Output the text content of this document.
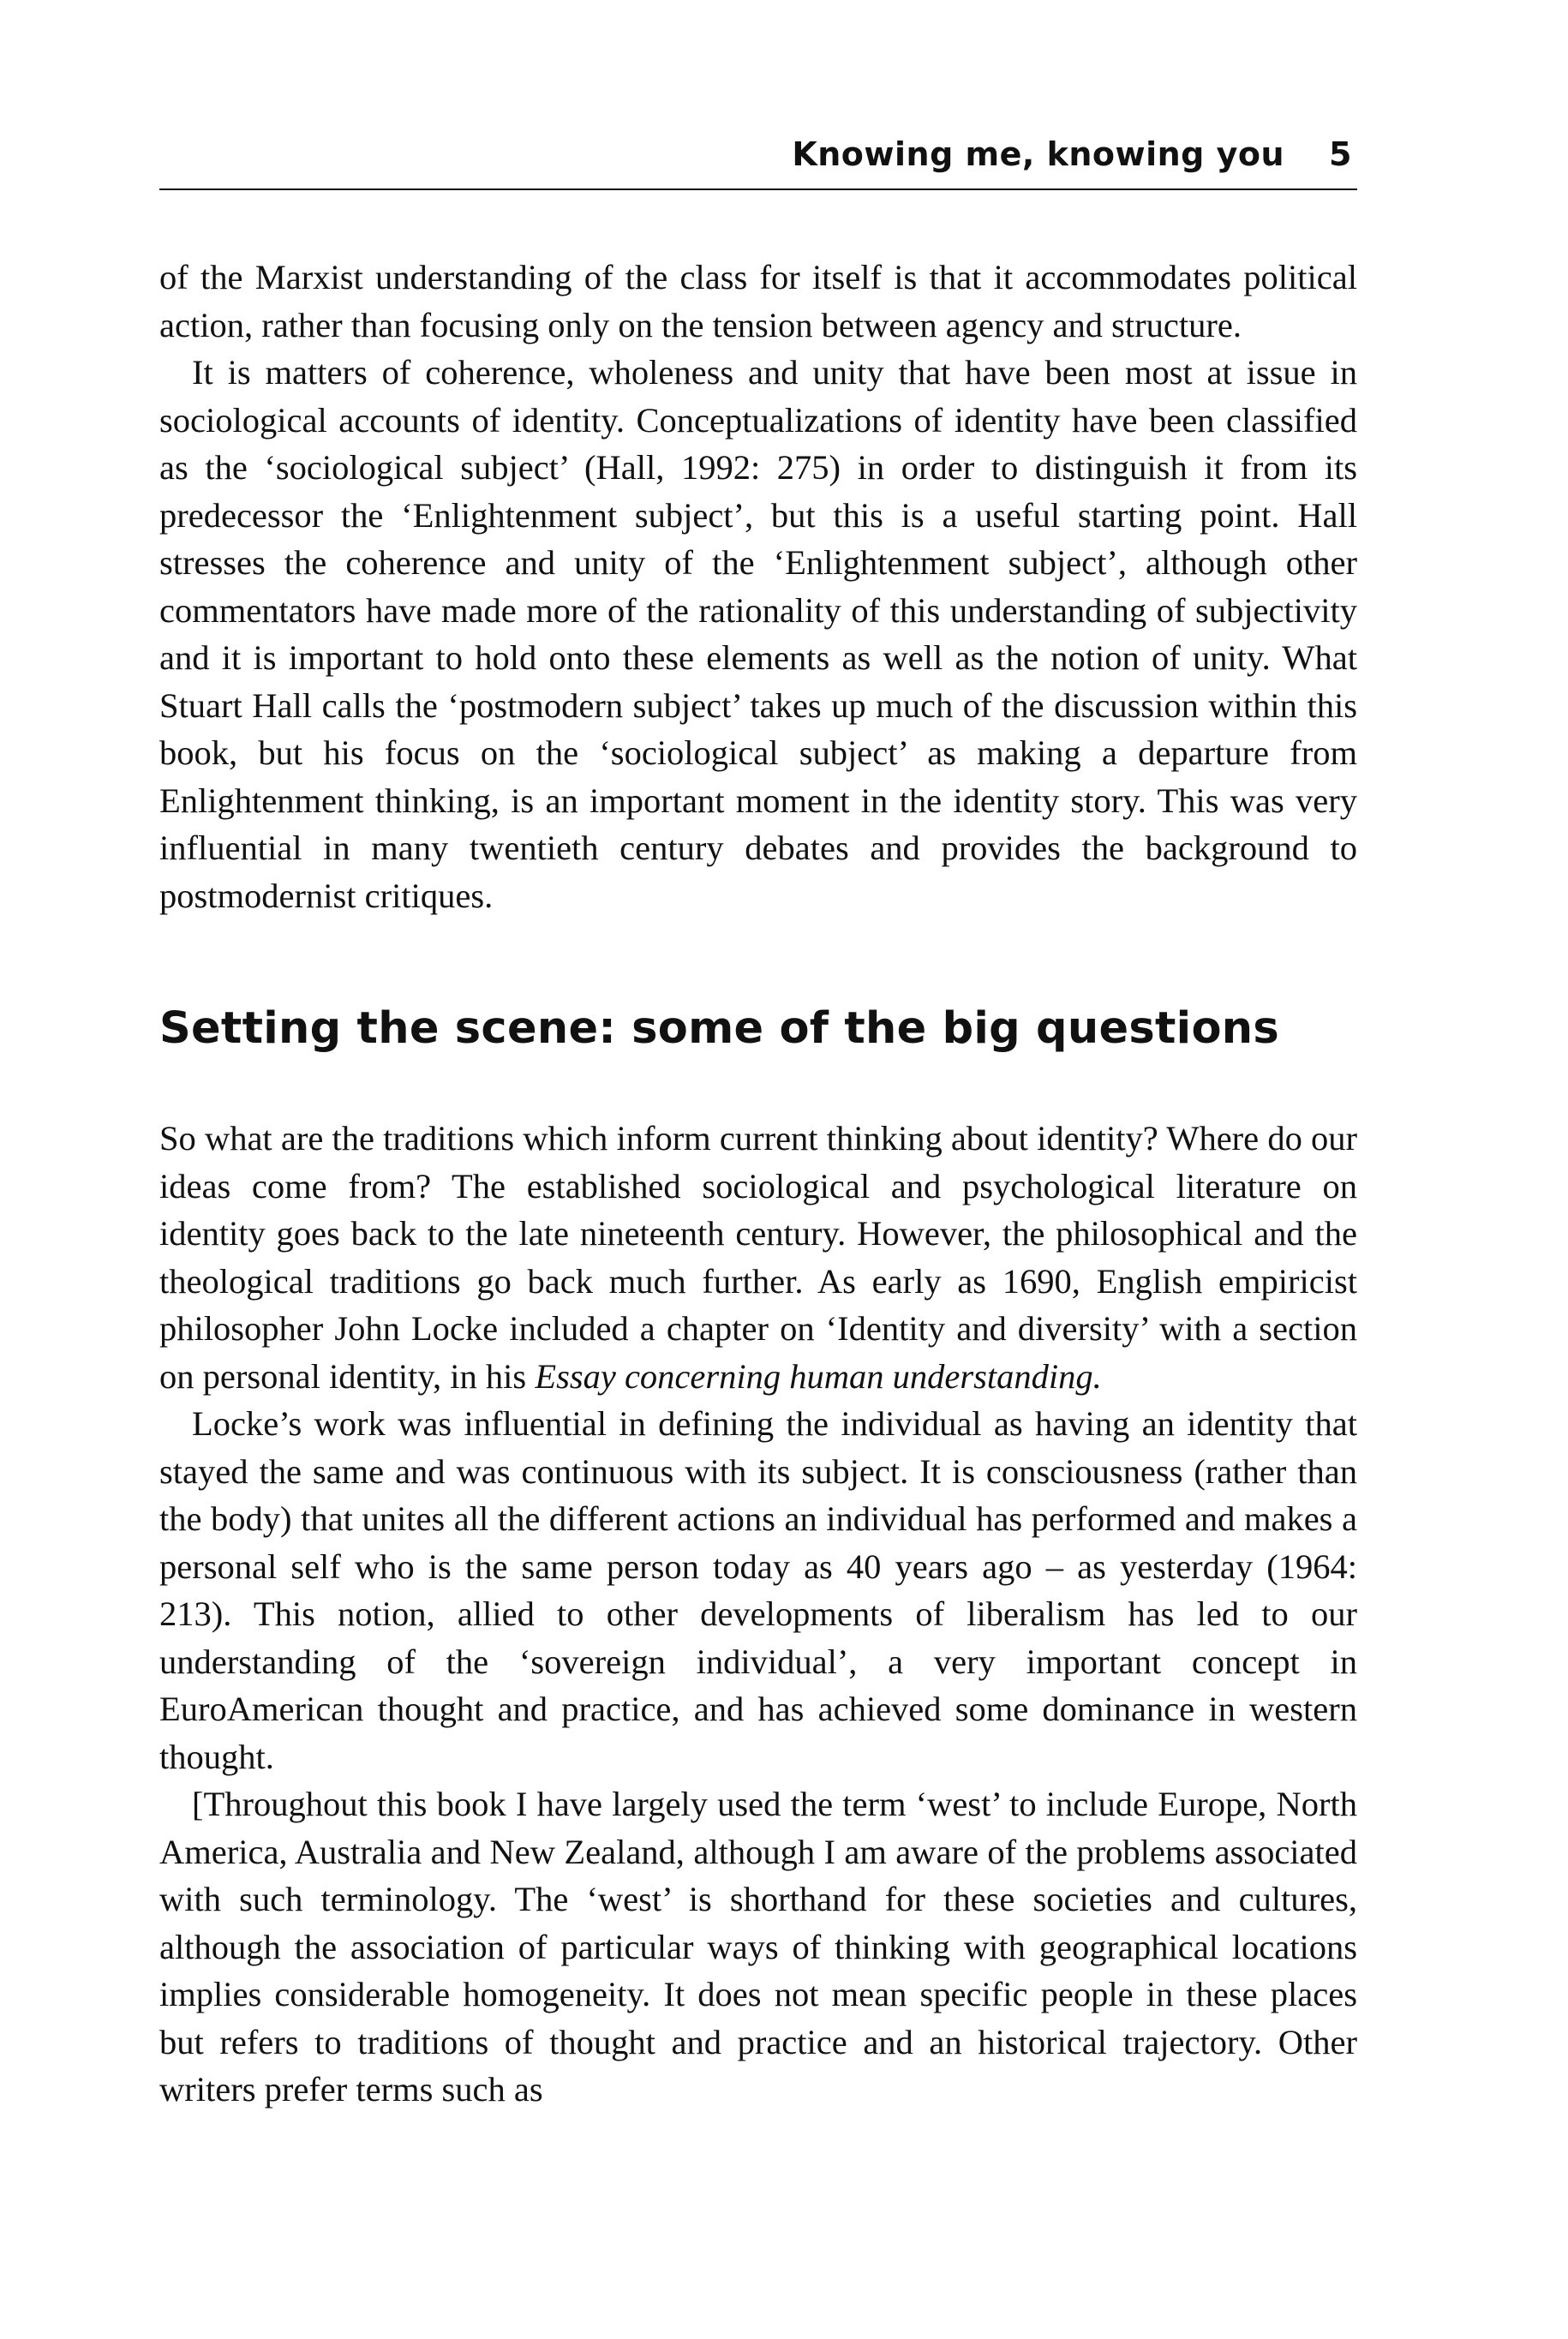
Knowing me, knowing you 5

of the Marxist understanding of the class for itself is that it accommodates political action, rather than focusing only on the tension between agency and structure.

It is matters of coherence, wholeness and unity that have been most at issue in sociological accounts of identity. Conceptualizations of identity have been classified as the ‘sociological subject’ (Hall, 1992: 275) in order to distinguish it from its predecessor the ‘Enlightenment subject’, but this is a useful starting point. Hall stresses the coherence and unity of the ‘Enlightenment subject’, although other commentators have made more of the rationality of this understanding of subjectivity and it is important to hold onto these elements as well as the notion of unity. What Stuart Hall calls the ‘postmodern subject’ takes up much of the discussion within this book, but his focus on the ‘sociological subject’ as making a departure from Enlightenment thinking, is an important moment in the identity story. This was very influential in many twentieth century debates and provides the background to postmodernist critiques.

Setting the scene: some of the big questions

So what are the traditions which inform current thinking about identity? Where do our ideas come from? The established sociological and psychological literature on identity goes back to the late nineteenth century. However, the philosophical and the theological traditions go back much further. As early as 1690, English empiricist philosopher John Locke included a chapter on ‘Identity and diversity’ with a section on personal identity, in his Essay concerning human understanding.

Locke’s work was influential in defining the individual as having an identity that stayed the same and was continuous with its subject. It is consciousness (rather than the body) that unites all the different actions an individual has performed and makes a personal self who is the same person today as 40 years ago – as yesterday (1964: 213). This notion, allied to other developments of liberalism has led to our understanding of the ‘sovereign individual’, a very important concept in EuroAmerican thought and practice, and has achieved some dominance in western thought.

[Throughout this book I have largely used the term ‘west’ to include Europe, North America, Australia and New Zealand, although I am aware of the problems associated with such terminology. The ‘west’ is shorthand for these societies and cultures, although the association of particular ways of thinking with geographical locations implies considerable homogeneity. It does not mean specific people in these places but refers to traditions of thought and practice and an historical trajectory. Other writers prefer terms such as
